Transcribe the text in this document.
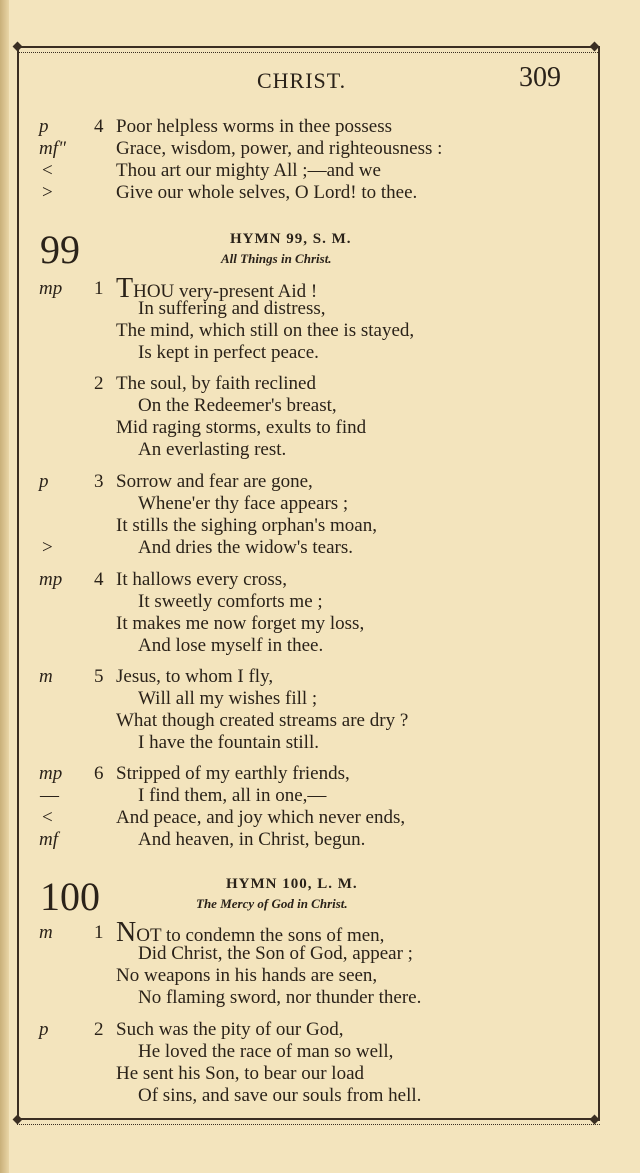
CHRIST.	309
p 4 Poor helpless worms in thee possess
mf"	Grace, wisdom, power, and righteousness :
<	Thou art our mighty All ;—and we
>	Give our whole selves, O Lord! to thee.
99	HYMN 99, S. M.
All Things in Christ.
mp 1 THOU very-present Aid !
In suffering and distress,
The mind, which still on thee is stayed,
Is kept in perfect peace.
2 The soul, by faith reclined
On the Redeemer's breast,
Mid raging storms, exults to find
An everlasting rest.
p 3 Sorrow and fear are gone,
Whene'er thy face appears ;
It stills the sighing orphan's moan,
>	And dries the widow's tears.
mp 4 It hallows every cross,
It sweetly comforts me ;
It makes me now forget my loss,
And lose myself in thee.
m 5 Jesus, to whom I fly,
Will all my wishes fill ;
What though created streams are dry ?
I have the fountain still.
mp 6 Stripped of my earthly friends,
—	I find them, all in one,—
<	And peace, and joy which never ends,
mf	And heaven, in Christ, begun.
100	HYMN 100, L. M.
The Mercy of God in Christ.
m 1 NOT to condemn the sons of men,
Did Christ, the Son of God, appear ;
No weapons in his hands are seen,
No flaming sword, nor thunder there.
p 2 Such was the pity of our God,
He loved the race of man so well,
He sent his Son, to bear our load
Of sins, and save our souls from hell.
